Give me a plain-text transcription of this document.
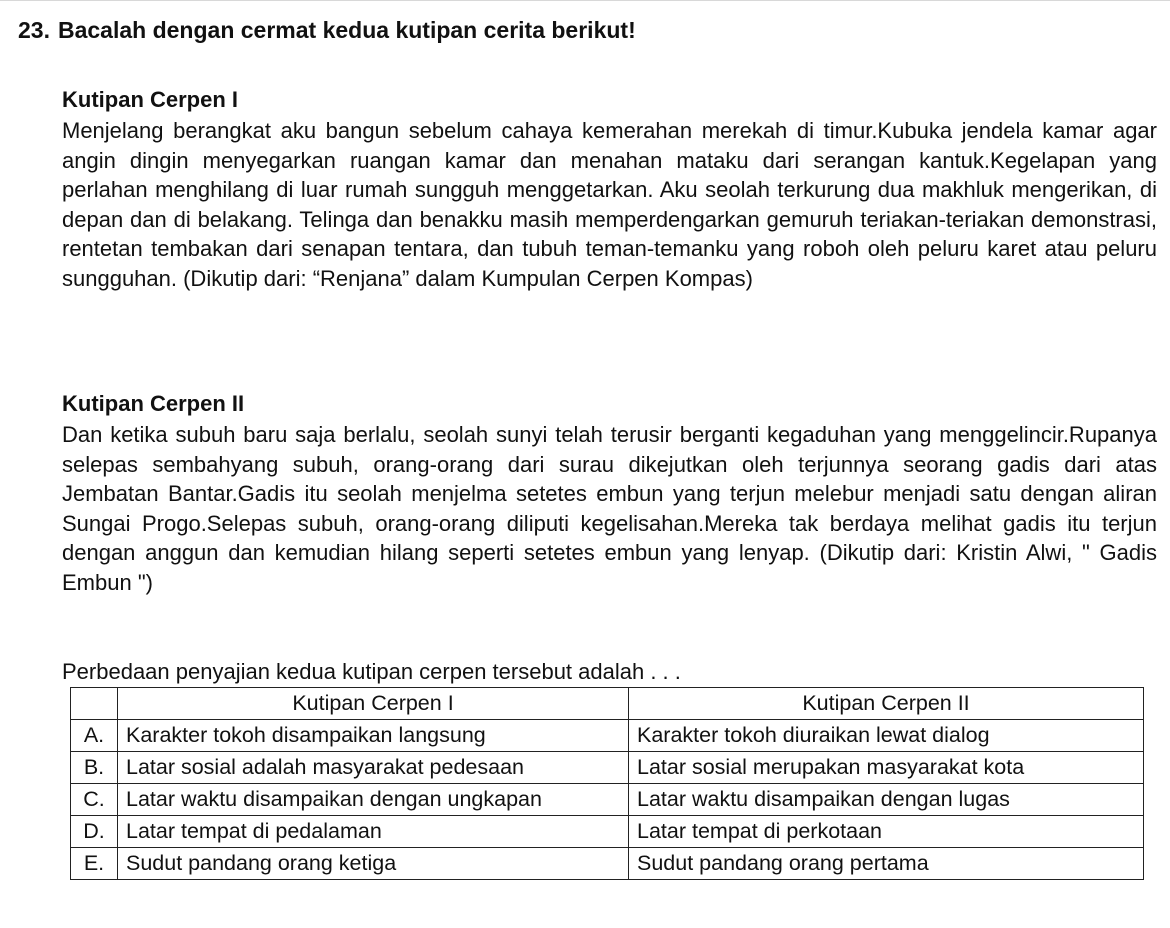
23. Bacalah dengan cermat kedua kutipan cerita berikut!
Kutipan Cerpen I

Menjelang berangkat aku bangun sebelum cahaya kemerahan merekah di timur.Kubuka jendela kamar agar angin dingin menyegarkan ruangan kamar dan menahan mataku dari serangan kantuk.Kegelapan yang perlahan menghilang di luar rumah sungguh menggetarkan. Aku seolah terkurung dua makhluk mengerikan, di depan dan di belakang. Telinga dan benakku masih memperdengarkan gemuruh teriakan-teriakan demonstrasi, rentetan tembakan dari senapan tentara, dan tubuh teman-temanku yang roboh oleh peluru karet atau peluru sungguhan. (Dikutip dari: “Renjana” dalam Kumpulan Cerpen Kompas)

Kutipan Cerpen II

Dan ketika subuh baru saja berlalu, seolah sunyi telah terusir berganti kegaduhan yang menggelincir.Rupanya selepas sembahyang subuh, orang-orang dari surau dikejutkan oleh terjunnya seorang gadis dari atas Jembatan Bantar.Gadis itu seolah menjelma setetes embun yang terjun melebur menjadi satu dengan aliran Sungai Progo.Selepas subuh, orang-orang diliputi kegelisahan.Mereka tak berdaya melihat gadis itu terjun dengan anggun dan kemudian hilang seperti setetes embun yang lenyap. (Dikutip dari: Kristin Alwi, " Gadis Embun ")

Perbedaan penyajian kedua kutipan cerpen tersebut adalah . . .
	Kutipan Cerpen I	Kutipan Cerpen II
A.	Karakter tokoh disampaikan langsung	Karakter tokoh diuraikan lewat dialog
B.	Latar sosial adalah masyarakat pedesaan	Latar sosial merupakan masyarakat kota
C.	Latar waktu disampaikan dengan ungkapan	Latar waktu disampaikan dengan lugas
D.	Latar tempat di pedalaman	Latar tempat di perkotaan
E.	Sudut pandang orang ketiga	Sudut pandang orang pertama
